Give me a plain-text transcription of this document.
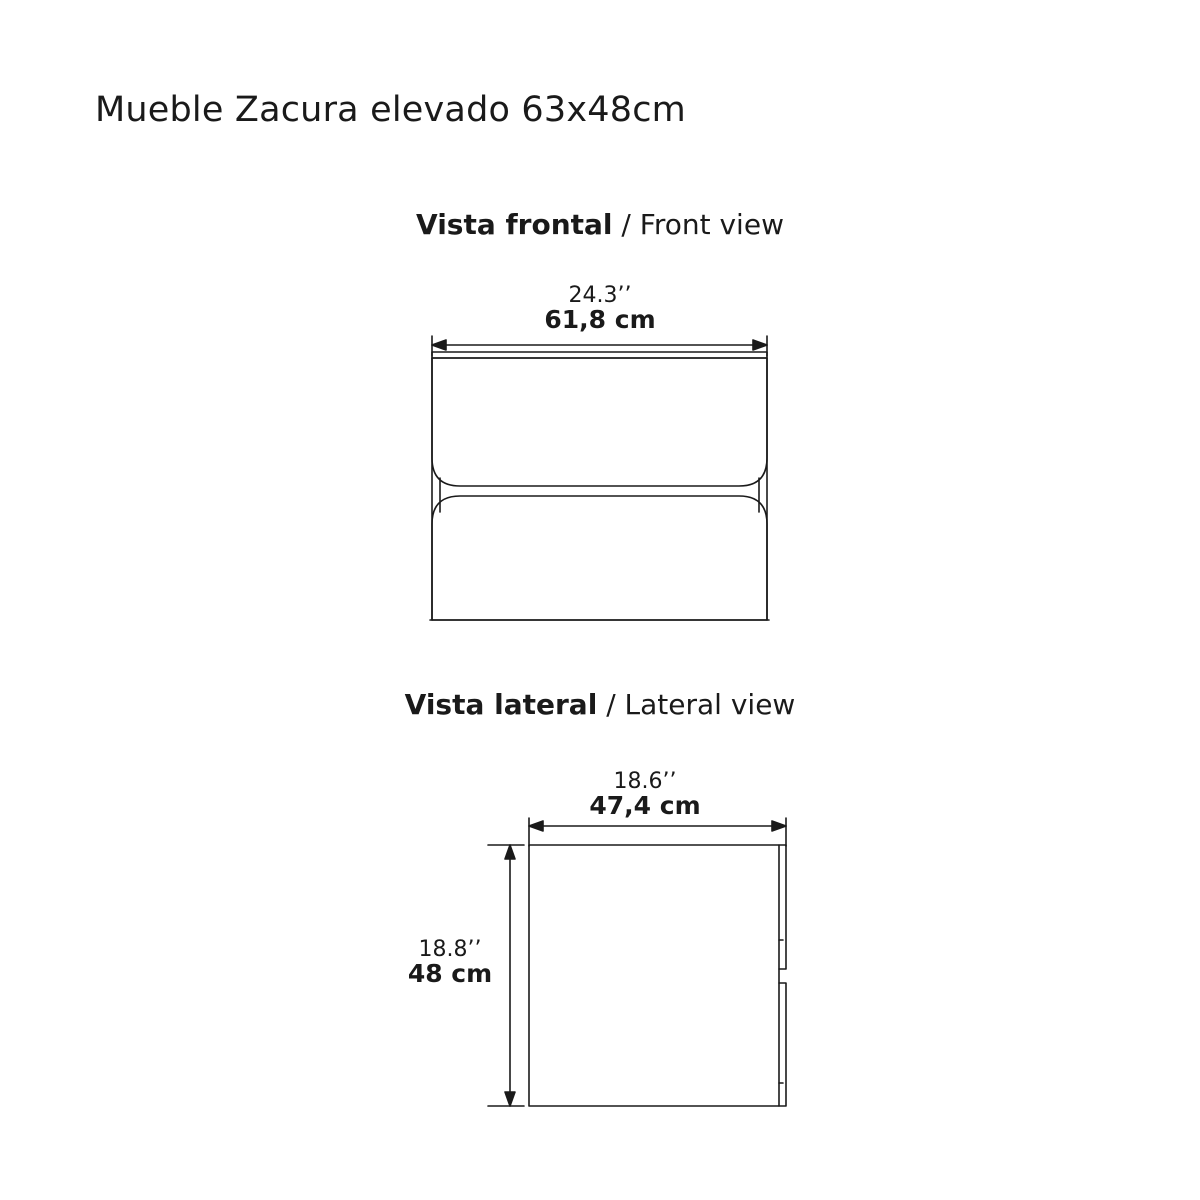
Mueble Zacura elevado 63x48cm
Vista frontal / Front view
24.3’’
61,8 cm
Vista lateral / Lateral view
18.6’’
47,4 cm
18.8’’
48 cm
